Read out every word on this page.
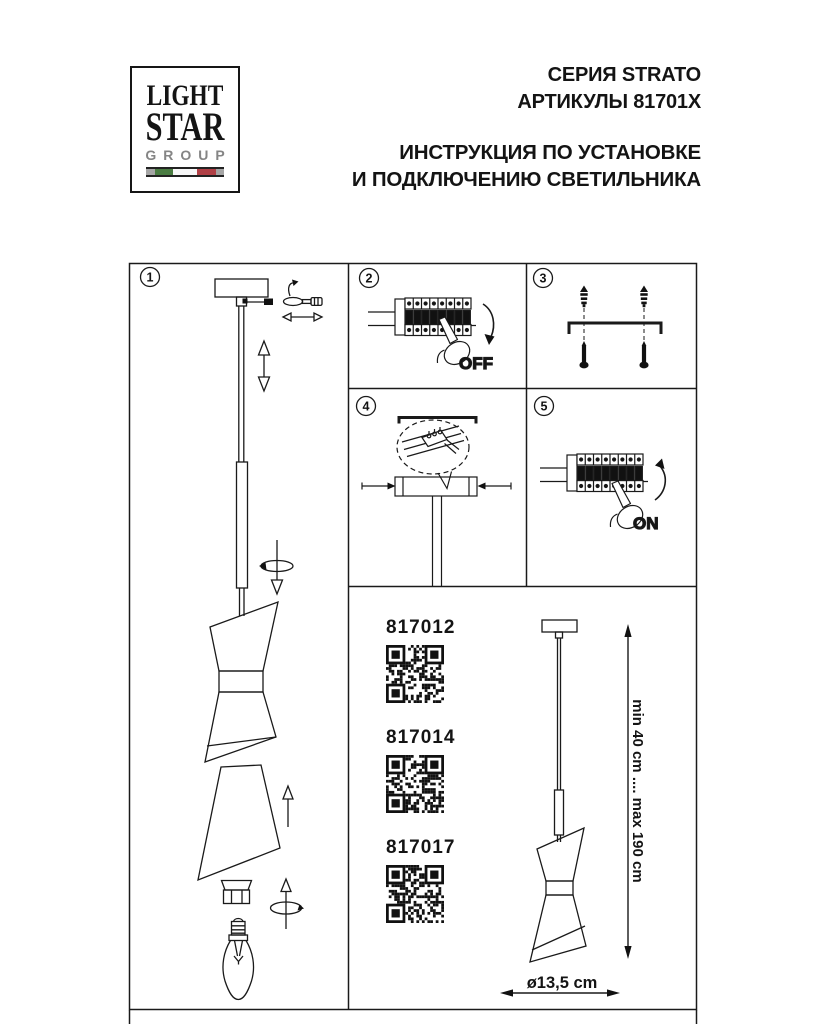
LIGHT
STAR
GROUP
СЕРИЯ STRATO
АРТИКУЛЫ 81701X
ИНСТРУКЦИЯ ПО УСТАНОВКЕ
И ПОДКЛЮЧЕНИЮ СВЕТИЛЬНИКА
1	2	3
4	5
OFF
ON
817012
817014
817017	min 40 cm .... max 190 cm
ø13,5 cm
